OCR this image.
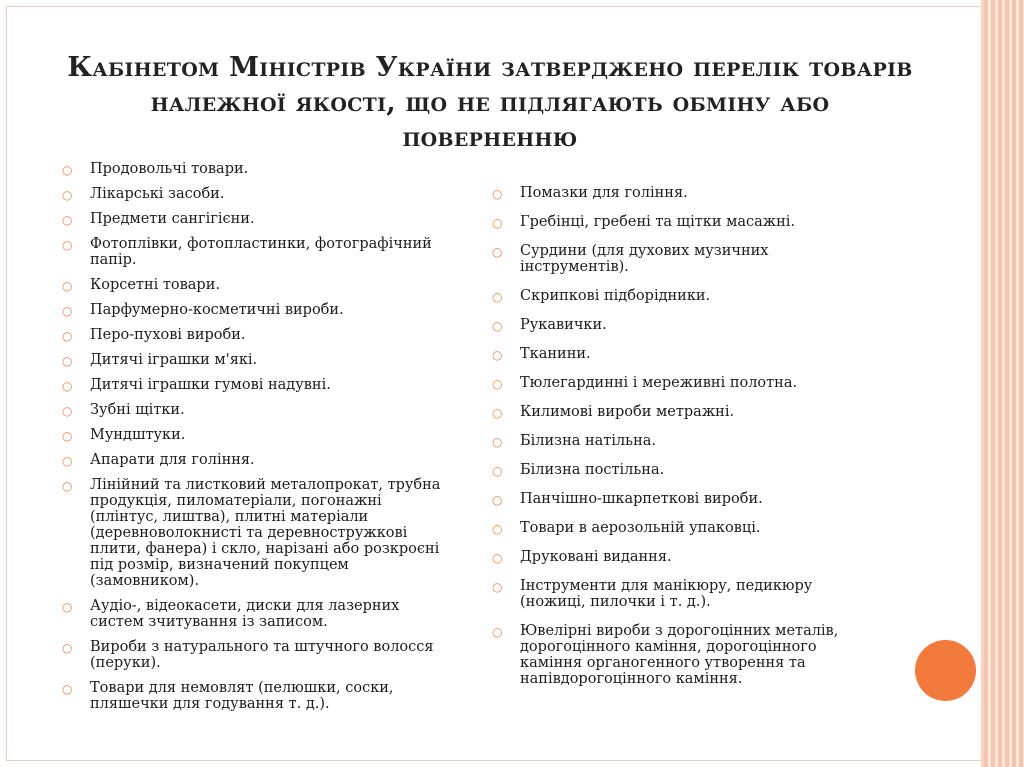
Кабінетом Міністрів України затверджено перелік товарів належної якості, що не підлягають обміну або поверненню
○ Продовольчі товари.
○ Лікарські засоби.
○ Предмети сангігієни.
○ Фотоплівки, фотопластинки, фотографічний папір.
○ Корсетні товари.
○ Парфумерно-косметичні вироби.
○ Перо-пухові вироби.
○ Дитячі іграшки м'які.
○ Дитячі іграшки гумові надувні.
○ Зубні щітки.
○ Мундштуки.
○ Апарати для гоління.
○ Лінійний та листковий металопрокат, трубна продукція, пиломатеріали, погонажні (плінтус, лиштва), плитні матеріали (деревноволокнисті та деревностружкові плити, фанера) і скло, нарізані або розкроєні під розмір, визначений покупцем (замовником).
○ Аудіо-, відеокасети, диски для лазерних систем зчитування із записом.
○ Вироби з натурального та штучного волосся (перуки).
○ Товари для немовлят (пелюшки, соски, пляшечки для годування т. д.).
○ Помазки для гоління.
○ Гребінці, гребені та щітки масажні.
○ Сурдини (для духових музичних інструментів).
○ Скрипкові підборідники.
○ Рукавички.
○ Тканини.
○ Тюлегардинні і мереживні полотна.
○ Килимові вироби метражні.
○ Білизна натільна.
○ Білизна постільна.
○ Панчішно-шкарпеткові вироби.
○ Товари в аерозольній упаковці.
○ Друковані видання.
○ Інструменти для манікюру, педикюру (ножиці, пилочки і т. д.).
○ Ювелірні вироби з дорогоцінних металів, дорогоцінного каміння, дорогоцінного каміння органогенного утворення та напівдорогоцінного каміння.
